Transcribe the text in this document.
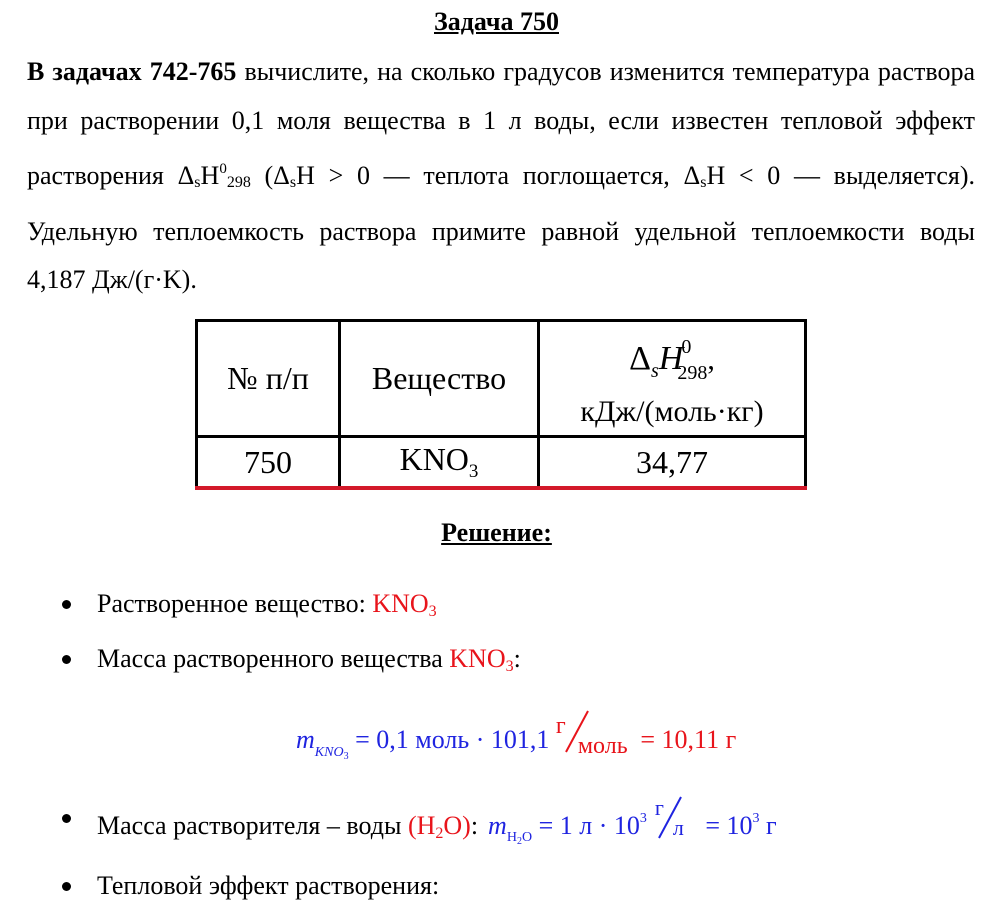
Задача 750
В задачах 742-765 вычислите, на сколько градусов изменится температура раствора при растворении 0,1 моля вещества в 1 л воды, если известен тепловой эффект растворения ΔsH$^0$298 (ΔsH > 0 — теплота поглощается, ΔsH < 0 — выделяется). Удельную теплоемкость раствора примите равной удельной теплоемкости воды 4,187 Дж/(г·K).
№ п/п	Вещество	$\Delta_sH^0_{298}$,
кДж/(моль·кг)

750	$KNO_3$	34,77
Решение:
Растворенное вещество: KNO3
Масса растворенного вещества KNO3:
$m_{KNO_3} = 0,1$ моль · 101,1 г
моль = 10,11 г
Масса растворителя – воды (H2O): $m_{H_2O} = 1$ $л \cdot 10^3$ г
$л = 10^3$ г
Тепловой эффект растворения:
